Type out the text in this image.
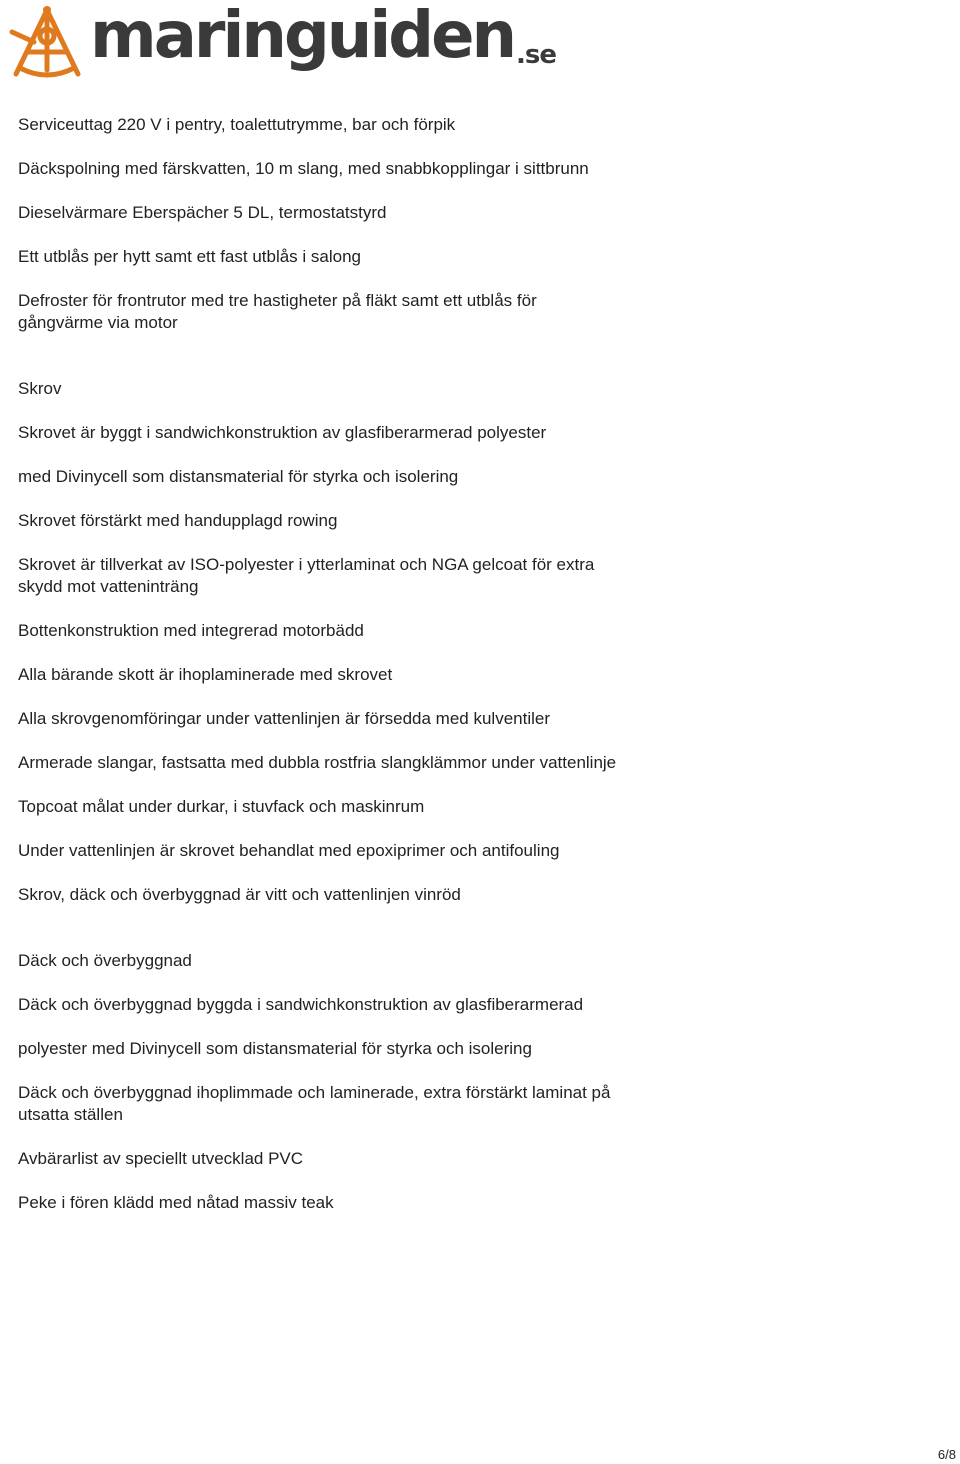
maringuiden .se

Serviceuttag 220 V i pentry, toalettutrymme, bar och förpik

Däckspolning med färskvatten, 10 m slang, med snabbkopplingar i sittbrunn

Dieselvärmare Eberspächer 5 DL, termostatstyrd

Ett utblås per hytt samt ett fast utblås i salong

Defroster för frontrutor med tre hastigheter på fläkt samt ett utblås för gångvärme via motor

Skrov

Skrovet är byggt i sandwichkonstruktion av glasfiberarmerad polyester

med Divinycell som distansmaterial för styrka och isolering

Skrovet förstärkt med handupplagd rowing

Skrovet är tillverkat av ISO-polyester i ytterlaminat och NGA gelcoat för extra skydd mot vatteninträng

Bottenkonstruktion med integrerad motorbädd

Alla bärande skott är ihoplaminerade med skrovet

Alla skrovgenomföringar under vattenlinjen är försedda med kulventiler

Armerade slangar, fastsatta med dubbla rostfria slangklämmor under vattenlinje

Topcoat målat under durkar, i stuvfack och maskinrum

Under vattenlinjen är skrovet behandlat med epoxiprimer och antifouling

Skrov, däck och överbyggnad är vitt och vattenlinjen vinröd

Däck och överbyggnad

Däck och överbyggnad byggda i sandwichkonstruktion av glasfiberarmerad

polyester med Divinycell som distansmaterial för styrka och isolering

Däck och överbyggnad ihoplimmade och laminerade, extra förstärkt laminat på utsatta ställen

Avbärarlist av speciellt utvecklad PVC

Peke i fören klädd med nåtad massiv teak

6/8
